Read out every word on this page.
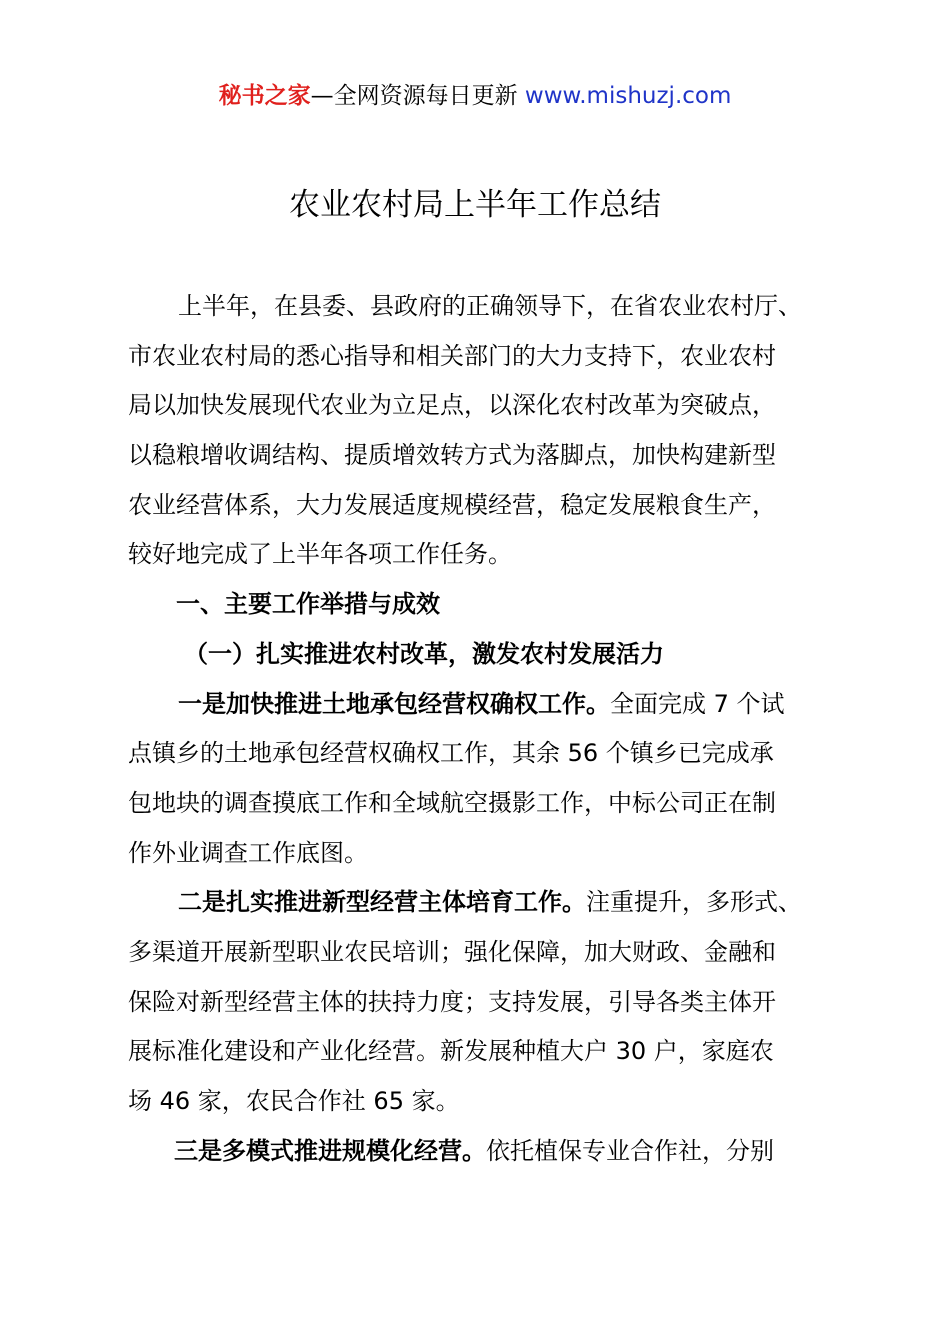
秘书之家—全网资源每日更新 www.mishuzj.com
农业农村局上半年工作总结
上半年，在县委、县政府的正确领导下，在省农业农村厅、
市农业农村局的悉心指导和相关部门的大力支持下，农业农村
局以加快发展现代农业为立足点，以深化农村改革为突破点，
以稳粮增收调结构、提质增效转方式为落脚点，加快构建新型
农业经营体系，大力发展适度规模经营，稳定发展粮食生产，
较好地完成了上半年各项工作任务。
一、主要工作举措与成效
（一）扎实推进农村改革，激发农村发展活力
一是加快推进土地承包经营权确权工作。全面完成 7 个试
点镇乡的土地承包经营权确权工作，其余 56 个镇乡已完成承
包地块的调查摸底工作和全域航空摄影工作，中标公司正在制
作外业调查工作底图。
二是扎实推进新型经营主体培育工作。注重提升，多形式、
多渠道开展新型职业农民培训；强化保障，加大财政、金融和
保险对新型经营主体的扶持力度；支持发展，引导各类主体开
展标准化建设和产业化经营。新发展种植大户 30 户，家庭农
场 46 家，农民合作社 65 家。
三是多模式推进规模化经营。依托植保专业合作社，分别
